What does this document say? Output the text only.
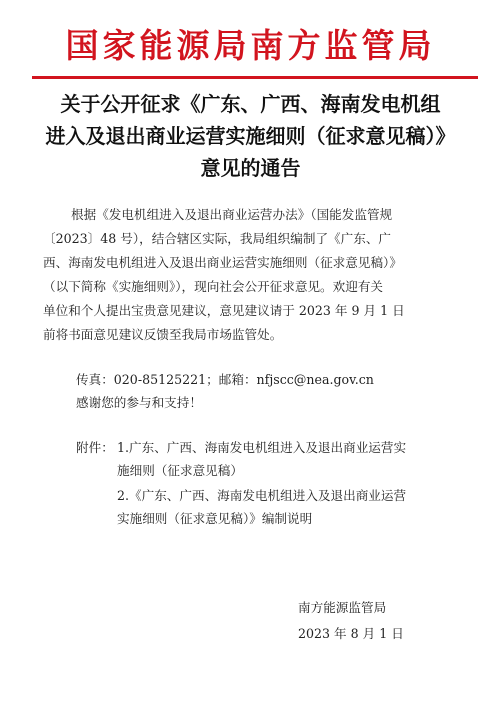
国家能源局南方监管局
关于公开征求《广东、广西、海南发电机组
进入及退出商业运营实施细则（征求意见稿）》
意见的通告
根据《发电机组进入及退出商业运营办法》（国能发监管规
〔2023〕48 号），结合辖区实际，我局组织编制了《广东、广
西、海南发电机组进入及退出商业运营实施细则（征求意见稿）》
（以下简称《实施细则》），现向社会公开征求意见。欢迎有关
单位和个人提出宝贵意见建议，意见建议请于 2023 年 9 月 1 日
前将书面意见建议反馈至我局市场监管处。
传真：020-85125221；邮箱：nfjscc@nea.gov.cn
感谢您的参与和支持！
附件： 1.广东、广西、海南发电机组进入及退出商业运营实
施细则（征求意见稿）
2.《广东、广西、海南发电机组进入及退出商业运营
实施细则（征求意见稿）》编制说明
南方能源监管局
2023 年 8 月 1 日
